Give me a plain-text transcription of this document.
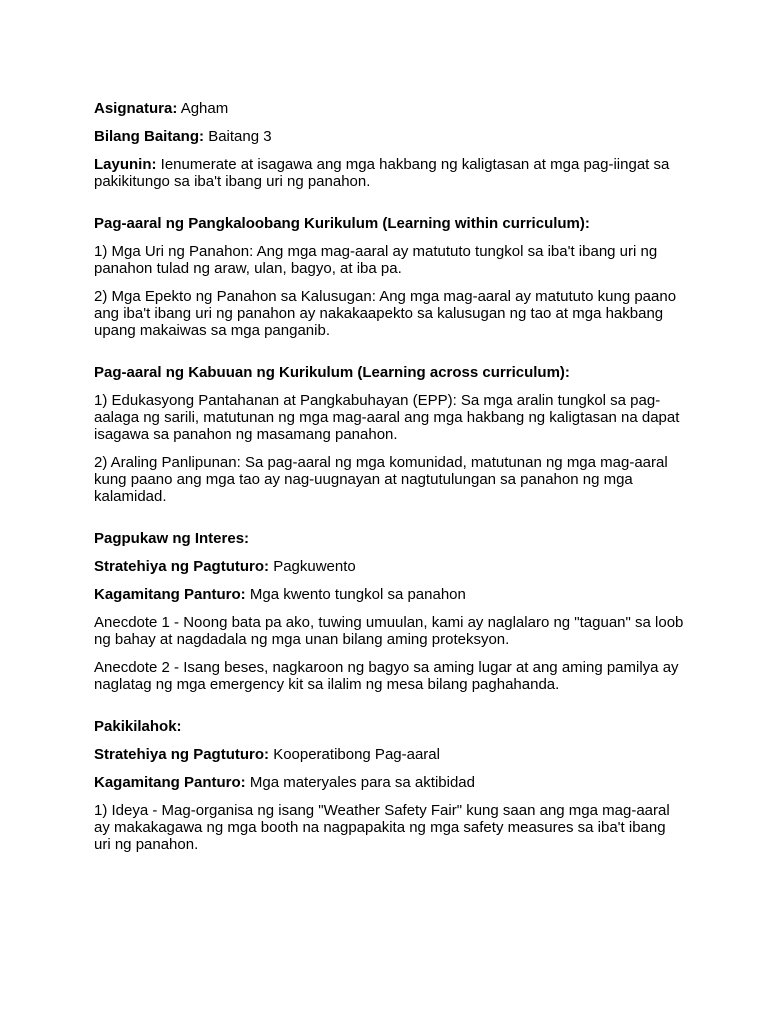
Asignatura: Agham

Bilang Baitang: Baitang 3

Layunin: Ienumerate at isagawa ang mga hakbang ng kaligtasan at mga pag-iingat sa pakikitungo sa iba't ibang uri ng panahon.

Pag-aaral ng Pangkaloobang Kurikulum (Learning within curriculum):

1) Mga Uri ng Panahon: Ang mga mag-aaral ay matututo tungkol sa iba't ibang uri ng panahon tulad ng araw, ulan, bagyo, at iba pa.

2) Mga Epekto ng Panahon sa Kalusugan: Ang mga mag-aaral ay matututo kung paano ang iba't ibang uri ng panahon ay nakakaapekto sa kalusugan ng tao at mga hakbang upang makaiwas sa mga panganib.

Pag-aaral ng Kabuuan ng Kurikulum (Learning across curriculum):

1) Edukasyong Pantahanan at Pangkabuhayan (EPP): Sa mga aralin tungkol sa pag-aalaga ng sarili, matutunan ng mga mag-aaral ang mga hakbang ng kaligtasan na dapat isagawa sa panahon ng masamang panahon.

2) Araling Panlipunan: Sa pag-aaral ng mga komunidad, matutunan ng mga mag-aaral kung paano ang mga tao ay nag-uugnayan at nagtutulungan sa panahon ng mga kalamidad.

Pagpukaw ng Interes:

Stratehiya ng Pagtuturo: Pagkuwento

Kagamitang Panturo: Mga kwento tungkol sa panahon

Anecdote 1 - Noong bata pa ako, tuwing umuulan, kami ay naglalaro ng "taguan" sa loob ng bahay at nagdadala ng mga unan bilang aming proteksyon.

Anecdote 2 - Isang beses, nagkaroon ng bagyo sa aming lugar at ang aming pamilya ay naglatag ng mga emergency kit sa ilalim ng mesa bilang paghahanda.

Pakikilahok:

Stratehiya ng Pagtuturo: Kooperatibong Pag-aaral

Kagamitang Panturo: Mga materyales para sa aktibidad

1) Ideya - Mag-organisa ng isang "Weather Safety Fair" kung saan ang mga mag-aaral ay makakagawa ng mga booth na nagpapakita ng mga safety measures sa iba't ibang uri ng panahon.
